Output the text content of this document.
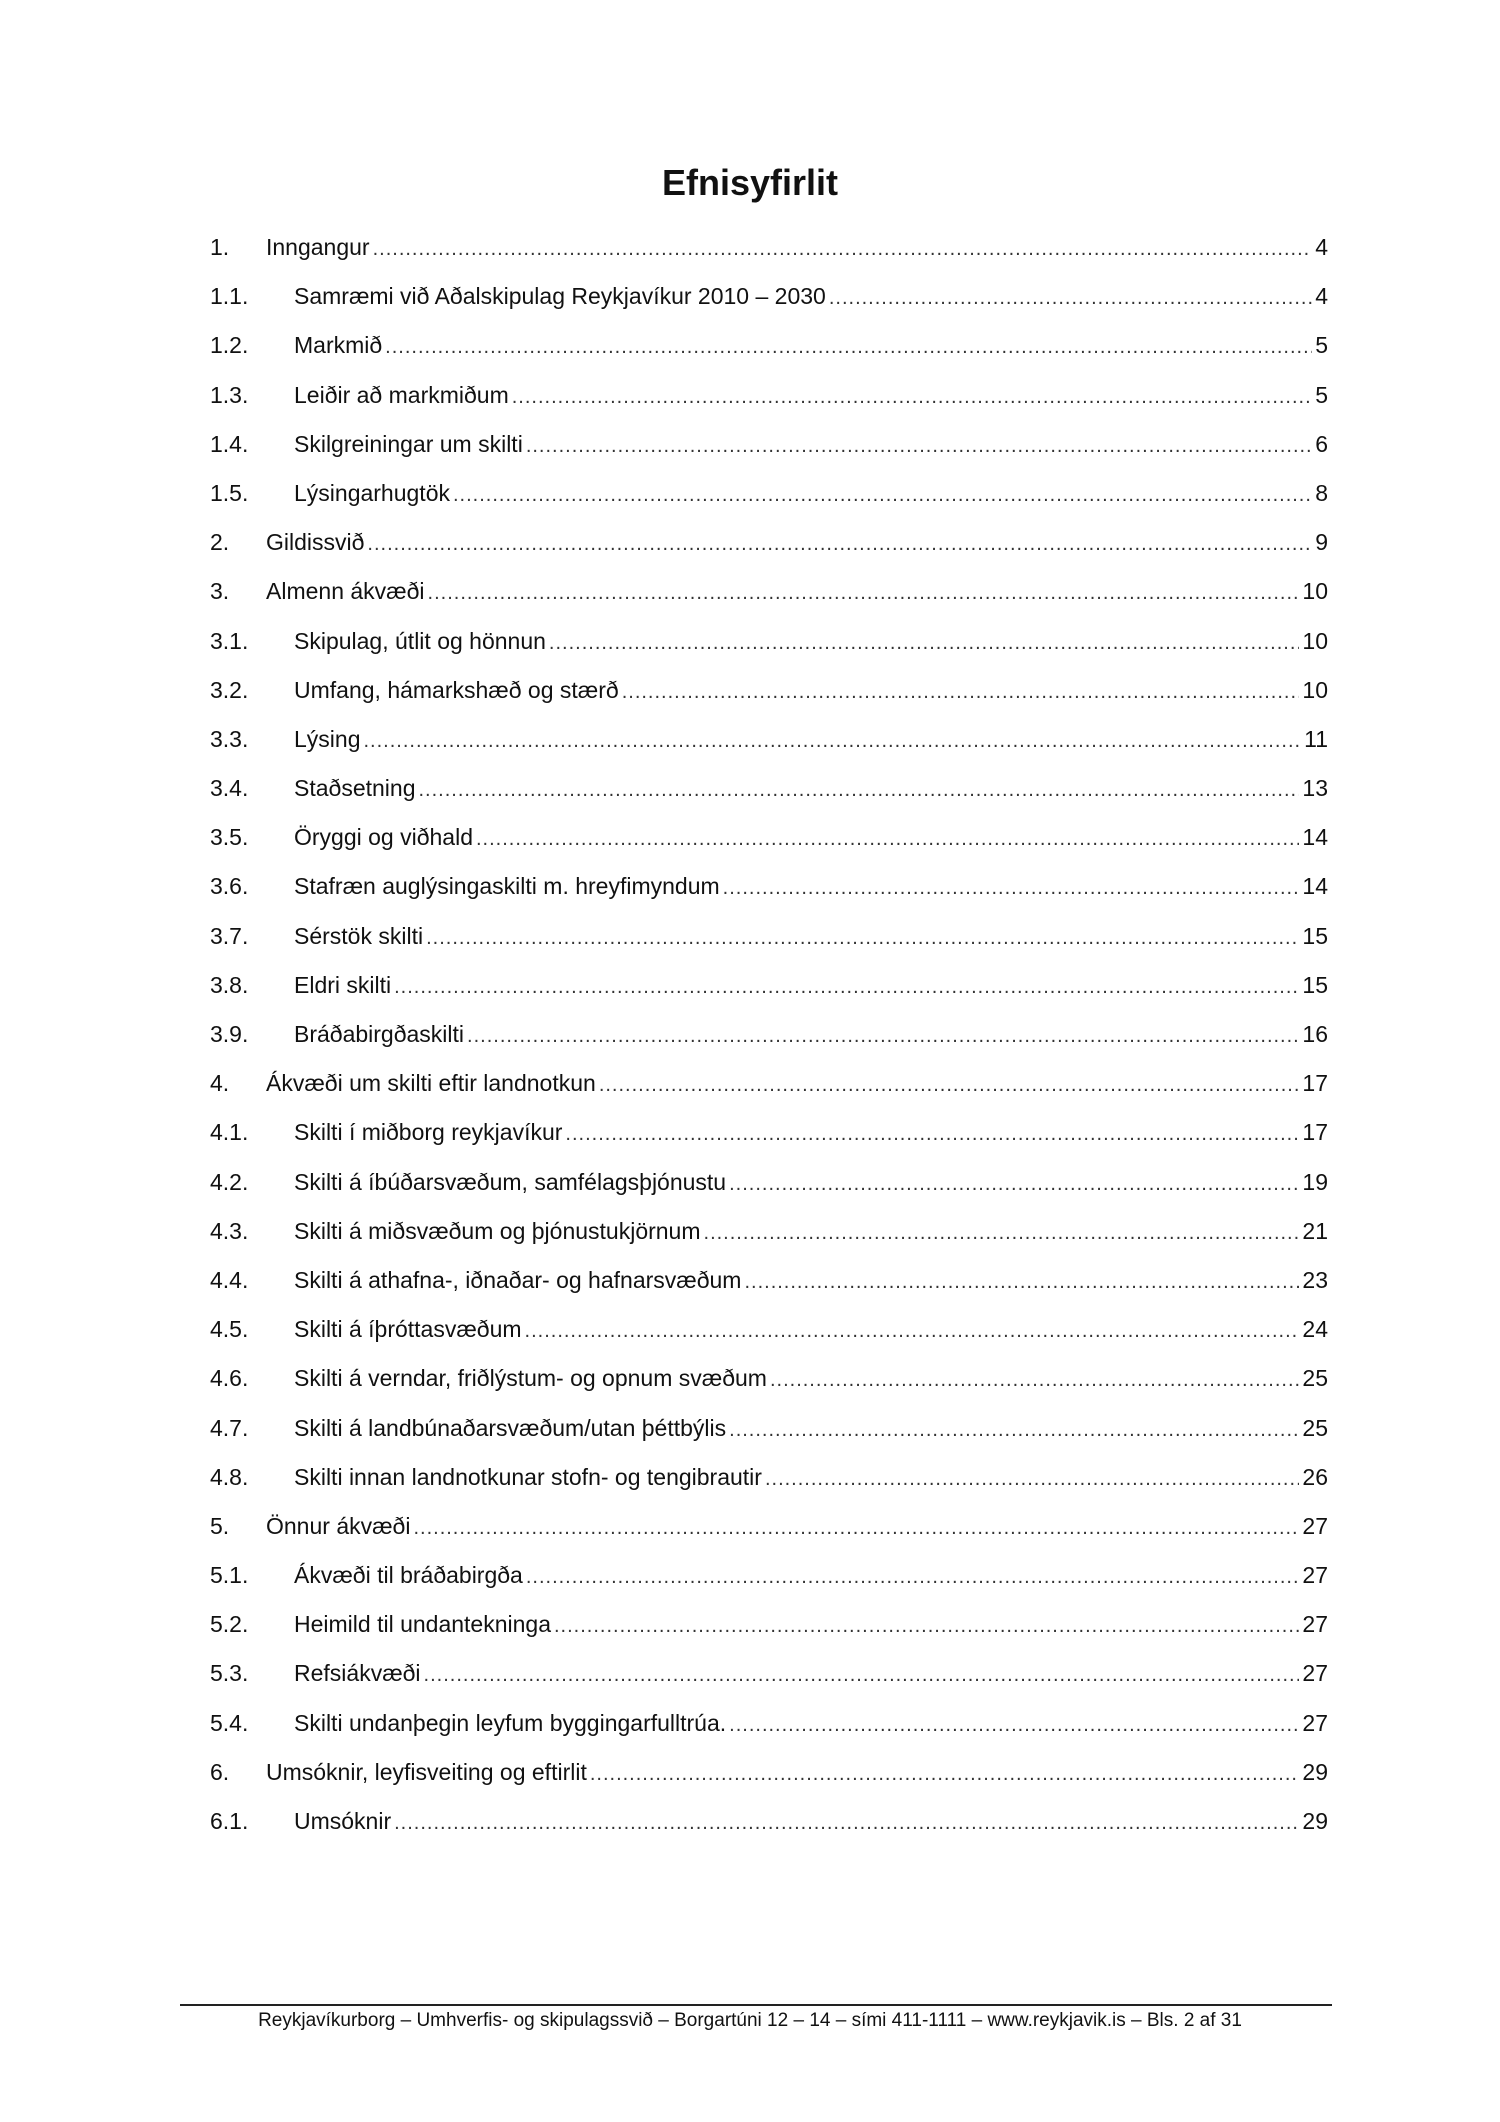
Efnisyfirlit
1.	Inngangur .....	4
1.1.	Samræmi við Aðalskipulag Reykjavíkur 2010 – 2030 .....	4
1.2.	Markmið .....	5
1.3.	Leiðir að markmiðum .....	5
1.4.	Skilgreiningar um skilti .....	6
1.5.	Lýsingarhugtök .....	8
2.	Gildissvið .....	9
3.	Almenn ákvæði .....	10
3.1.	Skipulag, útlit og hönnun .....	10
3.2.	Umfang, hámarkshæð og stærð .....	10
3.3.	Lýsing .....	11
3.4.	Staðsetning .....	13
3.5.	Öryggi og viðhald .....	14
3.6.	Stafræn auglýsingaskilti m. hreyfimyndum .....	14
3.7.	Sérstök skilti .....	15
3.8.	Eldri skilti .....	15
3.9.	Bráðabirgðaskilti .....	16
4.	Ákvæði um skilti eftir landnotkun .....	17
4.1.	Skilti í miðborg reykjavíkur .....	17
4.2.	Skilti á íbúðarsvæðum, samfélagsþjónustu .....	19
4.3.	Skilti á miðsvæðum og þjónustukjörnum .....	21
4.4.	Skilti á athafna-, iðnaðar- og hafnarsvæðum .....	23
4.5.	Skilti á íþróttasvæðum .....	24
4.6.	Skilti á verndar, friðlýstum- og opnum svæðum .....	25
4.7.	Skilti á landbúnaðarsvæðum/utan þéttbýlis .....	25
4.8.	Skilti innan landnotkunar stofn- og tengibrautir .....	26
5.	Önnur ákvæði .....	27
5.1.	Ákvæði til bráðabirgða .....	27
5.2.	Heimild til undantekninga .....	27
5.3.	Refsiákvæði .....	27
5.4.	Skilti undanþegin leyfum byggingarfulltrúa. .....	27
6.	Umsóknir, leyfisveiting og eftirlit .....	29
6.1.	Umsóknir .....	29
Reykjavíkurborg – Umhverfis- og skipulagssvið – Borgartúni 12 – 14 – sími 411-1111 – www.reykjavik.is – Bls. 2 af 31
